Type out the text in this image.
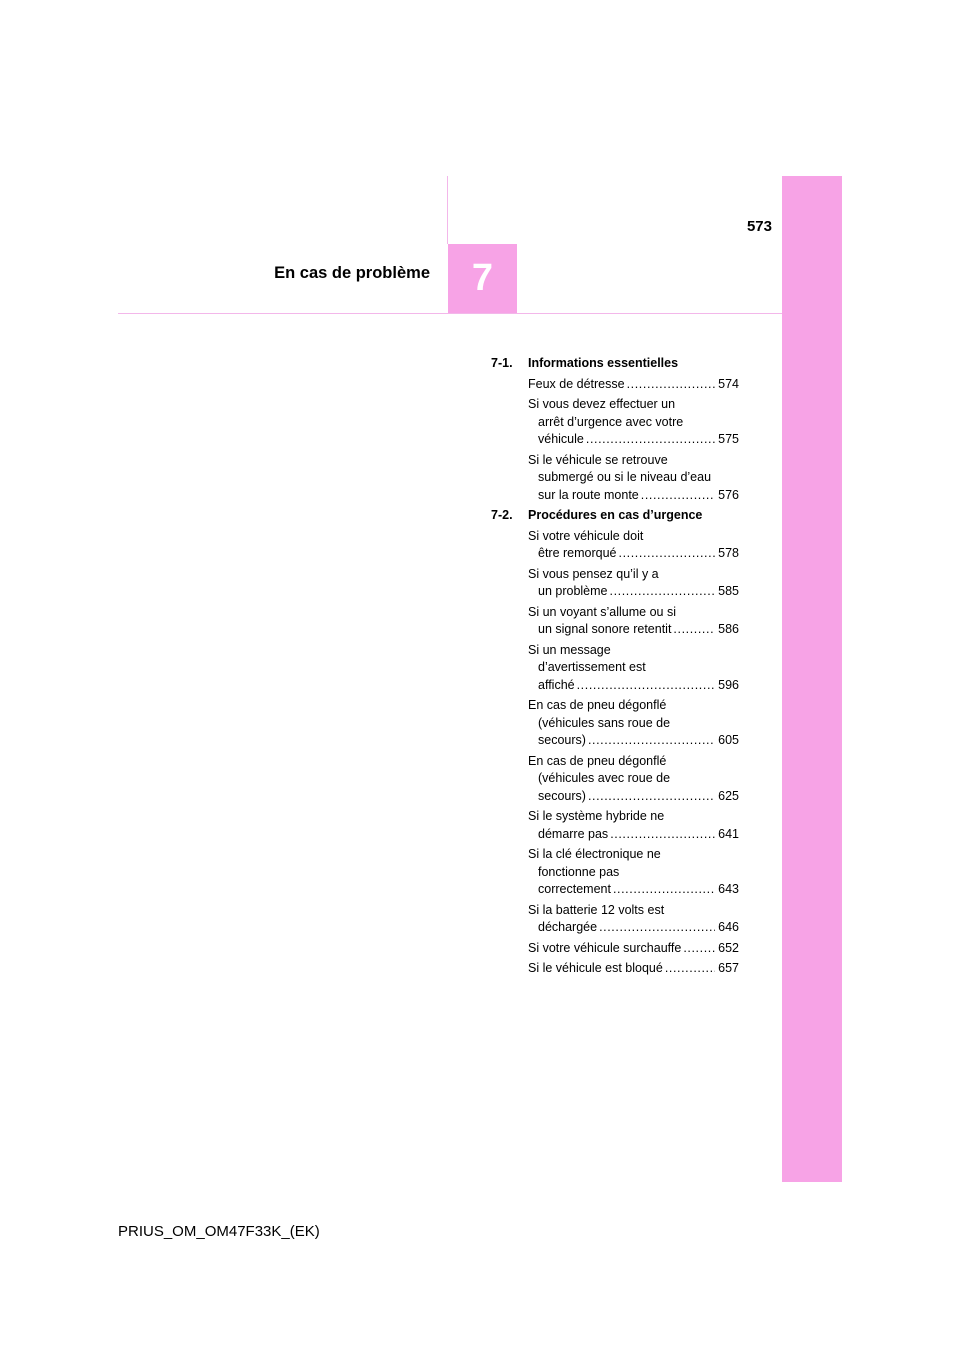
573
En cas de problème 7
7-1.	Informations essentielles
Feux de détresse .....	574
Si vous devez effectuer un
arrêt d’urgence avec votre
véhicule .....	575
Si le véhicule se retrouve
submergé ou si le niveau d’eau
sur la route monte .....	576
7-2.	Procédures en cas d’urgence
Si votre véhicule doit
être remorqué .....	578
Si vous pensez qu’il y a
un problème .....	585
Si un voyant s’allume ou si
un signal sonore retentit .....	586
Si un message
d’avertissement est
affiché .....	596
En cas de pneu dégonflé
(véhicules sans roue de
secours) .....	605
En cas de pneu dégonflé
(véhicules avec roue de
secours) .....	625
Si le système hybride ne
démarre pas .....	641
Si la clé électronique ne
fonctionne pas
correctement .....	643
Si la batterie 12 volts est
déchargée .....	646
Si votre véhicule surchauffe .....	652
Si le véhicule est bloqué .....	657
PRIUS_OM_OM47F33K_(EK)
